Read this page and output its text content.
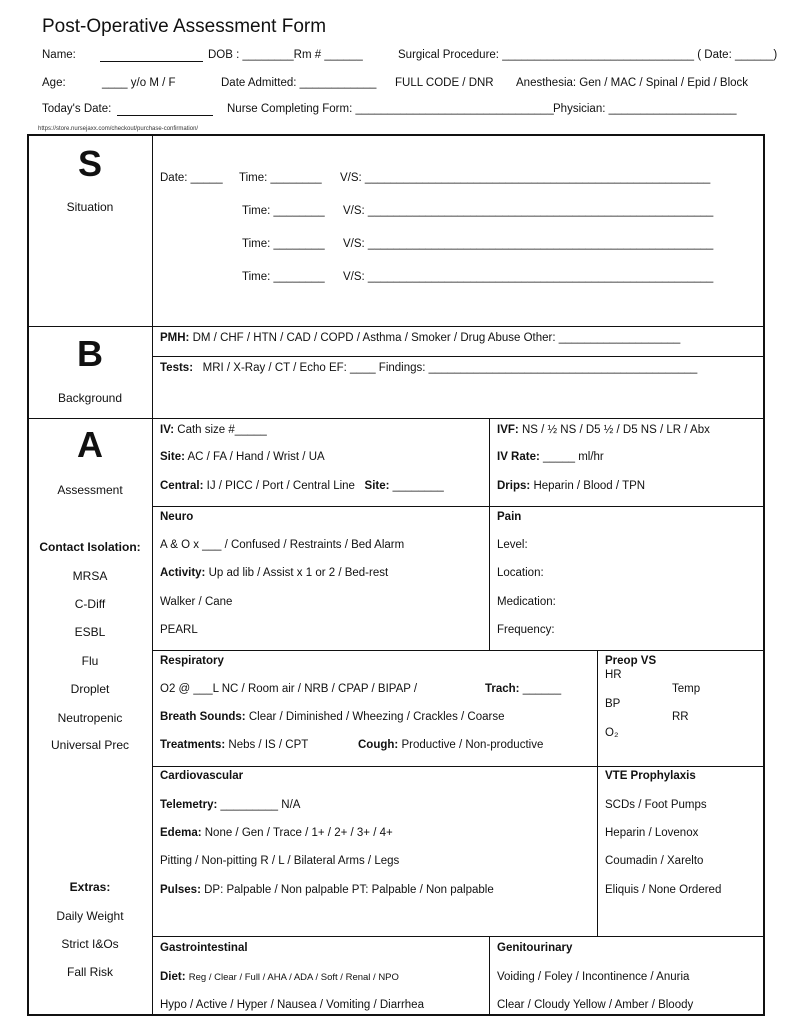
Post-Operative Assessment Form
Name:	DOB : ________Rm # ______	Surgical Procedure: ______________________________ ( Date: ______)
Age:	____ y/o M / F	Date Admitted: ____________ FULL CODE / DNR Anesthesia: Gen / MAC / Spinal / Epid / Block
Today's Date:	Nurse Completing Form: _______________________________ Physician: ____________________
https://store.nursejaxx.com/checkout/purchase-confirmation/
S
Situation
Date: _____ Time: ________ V/S: ______________________________________________________
Time: ________ V/S: ______________________________________________________
Time: ________ V/S: ______________________________________________________
Time: ________ V/S: ______________________________________________________
B
Background
PMH: DM / CHF / HTN / CAD / COPD / Asthma / Smoker / Drug Abuse Other: ___________________
Tests: MRI / X-Ray / CT / Echo EF: ____ Findings: __________________________________________
A
Assessment
Contact Isolation:
MRSA
C-Diff
ESBL
Flu
Droplet
Neutropenic
Universal Prec
Extras:
Daily Weight
Strict I&Os
Fall Risk
IV: Cath size #_____
Site: AC / FA / Hand / Wrist / UA
Central: IJ / PICC / Port / Central Line Site: ________
IVF: NS / ½ NS / D5 ½ / D5 NS / LR / Abx
IV Rate: _____ ml/hr
Drips: Heparin / Blood / TPN
Neuro
A & O x ___ / Confused / Restraints / Bed Alarm
Activity: Up ad lib / Assist x 1 or 2 / Bed-rest
Walker / Cane
PEARL
Pain
Level:
Location:
Medication:
Frequency:
Respiratory
O2 @ ___L NC / Room air / NRB / CPAP / BIPAP /	Trach: ______
Breath Sounds: Clear / Diminished / Wheezing / Crackles / Coarse
Treatments: Nebs / IS / CPT	Cough: Productive / Non-productive
Preop VS
HR
Temp
BP
RR
O₂
Cardiovascular
Telemetry: _________ N/A
Edema: None / Gen / Trace / 1+ / 2+ / 3+ / 4+
Pitting / Non-pitting R / L / Bilateral Arms / Legs
Pulses: DP: Palpable / Non palpable PT: Palpable / Non palpable
VTE Prophylaxis
SCDs / Foot Pumps
Heparin / Lovenox
Coumadin / Xarelto
Eliquis / None Ordered
Gastrointestinal
Diet: Reg / Clear / Full / AHA / ADA / Soft / Renal / NPO
Hypo / Active / Hyper / Nausea / Vomiting / Diarrhea
Genitourinary
Voiding / Foley / Incontinence / Anuria
Clear / Cloudy Yellow / Amber / Bloody
